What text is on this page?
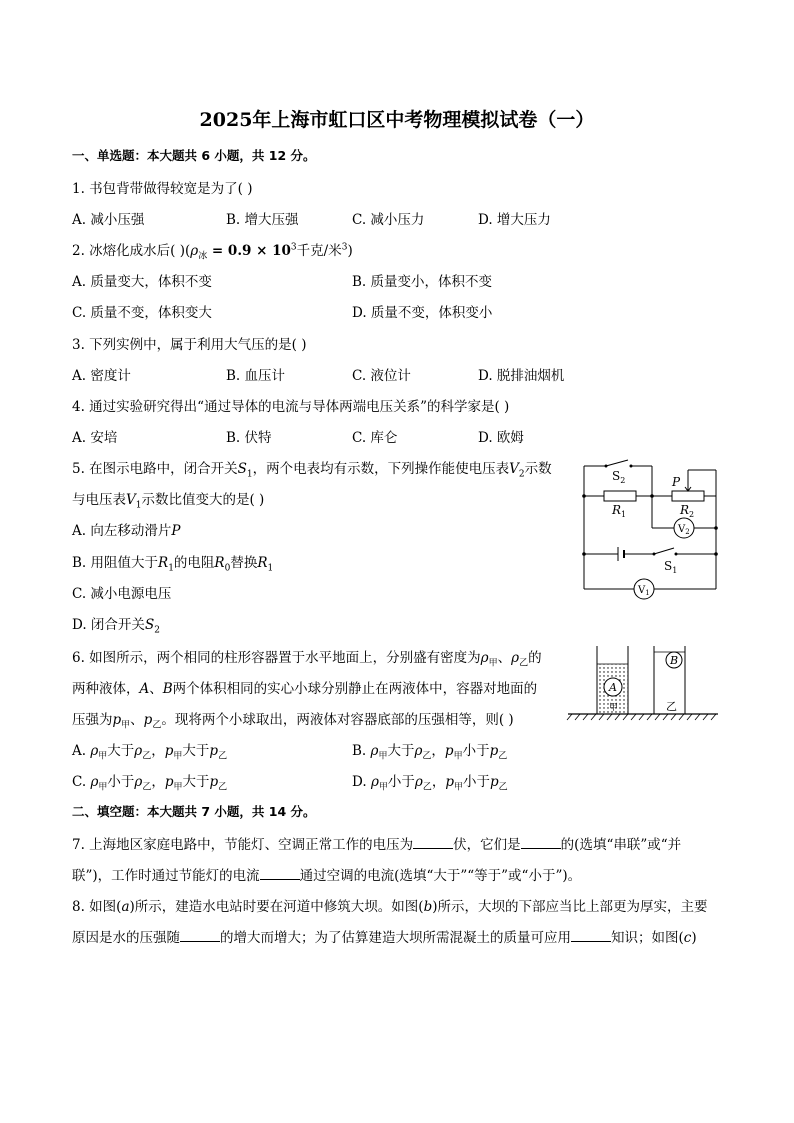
2025年上海市虹口区中考物理模拟试卷（一）
一、单选题：本大题共 6 小题，共 12 分。
1. 书包背带做得较宽是为了( )
A. 减小压强	B. 增大压强	C. 减小压力	D. 增大压力
2. 冰熔化成水后( )($\rho_冰 = 0.9 \times 10^3$千克/米$^3$)
A. 质量变大，体积不变	B. 质量变小，体积不变
C. 质量不变，体积变大	D. 质量不变，体积变小
3. 下列实例中，属于利用大气压的是( )
A. 密度计	B. 血压计	C. 液位计	D. 脱排油烟机
4. 通过实验研究得出“通过导体的电流与导体两端电压关系”的科学家是( )
A. 安培	B. 伏特	C. 库仑	D. 欧姆
5. 在图示电路中，闭合开关$S_1$，两个电表均有示数，下列操作能使电压表$V_2$示数
与电压表$V_1$示数比值变大的是( )
A. 向左移动滑片P
B. 用阻值大于$R_1$的电阻$R_0$替换$R_1$
C. 减小电源电压
D. 闭合开关$S_2$
$S_2$	P
$R_1$	$R_2$
$V_2$
$S_1$
$V_1$
6. 如图所示，两个相同的柱形容器置于水平地面上，分别盛有密度为$\rho_甲$、$\rho_乙$的
两种液体，A、B两个体积相同的实心小球分别静止在两液体中，容器对地面的
压强为$p_甲$、$p_乙$。现将两个小球取出，两液体对容器底部的压强相等，则( )
A. $\rho_甲$大于$\rho_乙$，$p_甲$大于$p_乙$	B. $\rho_甲$大于$\rho_乙$，$p_甲$小于$p_乙$
C. $\rho_甲$小于$\rho_乙$，$p_甲$大于$p_乙$	D. $\rho_甲$小于$\rho_乙$，$p_甲$小于$p_乙$
A
甲
B
乙
二、填空题：本大题共 7 小题，共 14 分。
7. 上海地区家庭电路中，节能灯、空调正常工作的电压为	伏，它们是	的(选填“串联”或“并
联”)，工作时通过节能灯的电流	通过空调的电流(选填“大于”“等于”或“小于”)。
8. 如图(a)所示，建造水电站时要在河道中修筑大坝。如图(b)所示，大坝的下部应当比上部更为厚实，主要
原因是水的压强随	的增大而增大；为了估算建造大坝所需混凝土的质量可应用	知识；如图(c)
